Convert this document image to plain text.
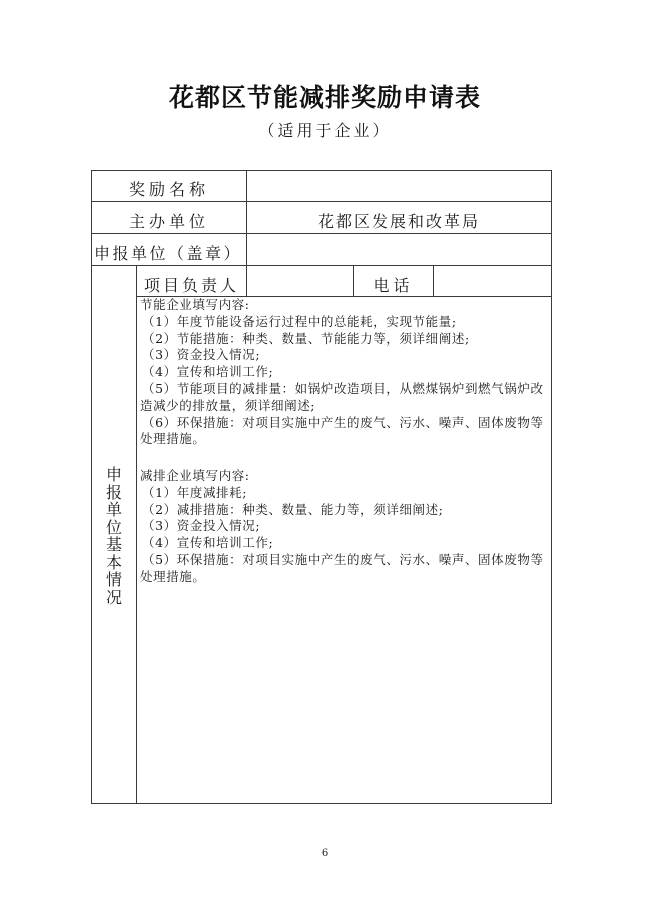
花都区节能减排奖励申请表
（适用于企业）
奖励名称
主办单位	花都区发展和改革局
申报单位（盖章）
项目负责人	电话
申
报
单
位
基
本
情
况
节能企业填写内容:
（1）年度节能设备运行过程中的总能耗，实现节能量;
（2）节能措施：种类、数量、节能能力等，须详细阐述;
（3）资金投入情况;
（4）宣传和培训工作;
（5）节能项目的减排量：如锅炉改造项目，从燃煤锅炉到燃气锅炉改
造减少的排放量，须详细阐述;
（6）环保措施：对项目实施中产生的废气、污水、噪声、固体废物等
处理措施。
减排企业填写内容:
（1）年度减排耗;
（2）减排措施：种类、数量、能力等，须详细阐述;
（3）资金投入情况;
（4）宣传和培训工作;
（5）环保措施：对项目实施中产生的废气、污水、噪声、固体废物等
处理措施。
6
